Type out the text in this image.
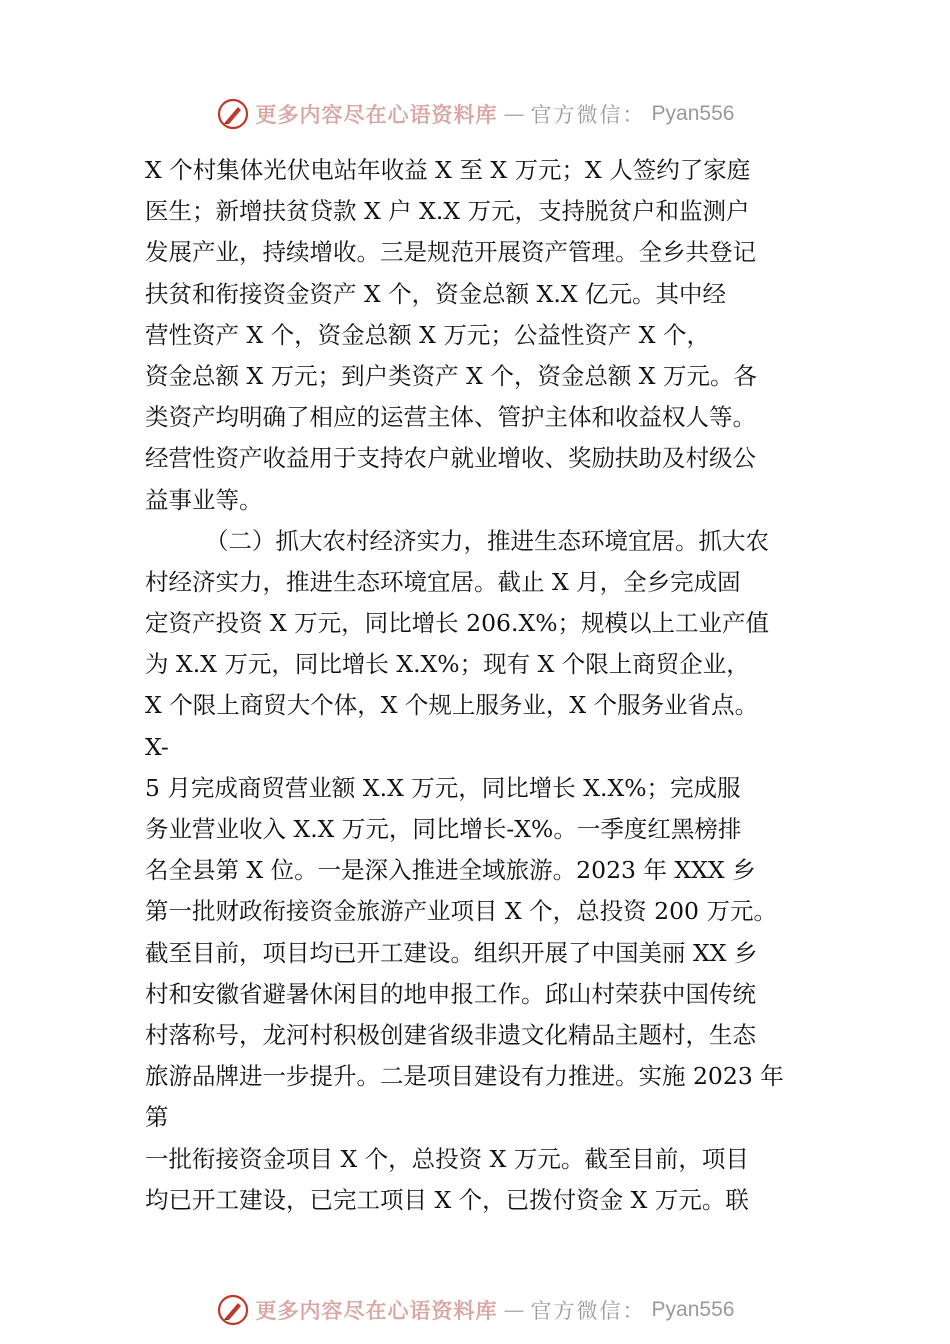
更多内容尽在心语资料库 — 官方微信： Pyan556
X 个村集体光伏电站年收益 X 至 X 万元；X 人签约了家庭
医生；新增扶贫贷款 X 户 X.X 万元，支持脱贫户和监测户
发展产业，持续增收。三是规范开展资产管理。全乡共登记
扶贫和衔接资金资产 X 个，资金总额 X.X 亿元。其中经
营性资产 X 个，资金总额 X 万元；公益性资产 X 个，
资金总额 X 万元；到户类资产 X 个，资金总额 X 万元。各
类资产均明确了相应的运营主体、管护主体和收益权人等。
经营性资产收益用于支持农户就业增收、奖励扶助及村级公
益事业等。
（二）抓大农村经济实力，推进生态环境宜居。抓大农
村经济实力，推进生态环境宜居。截止 X 月，全乡完成固
定资产投资 X 万元，同比增长 206.X%；规模以上工业产值
为 X.X 万元，同比增长 X.X%；现有 X 个限上商贸企业，
X 个限上商贸大个体，X 个规上服务业，X 个服务业省点。
X-
5 月完成商贸营业额 X.X 万元，同比增长 X.X%；完成服
务业营业收入 X.X 万元，同比增长-X%。一季度红黑榜排
名全县第 X 位。一是深入推进全域旅游。2023 年 XXX 乡
第一批财政衔接资金旅游产业项目 X 个，总投资 200 万元。
截至目前，项目均已开工建设。组织开展了中国美丽 XX 乡
村和安徽省避暑休闲目的地申报工作。邱山村荣获中国传统
村落称号，龙河村积极创建省级非遗文化精品主题村，生态
旅游品牌进一步提升。二是项目建设有力推进。实施 2023 年
第
一批衔接资金项目 X 个，总投资 X 万元。截至目前，项目
均已开工建设，已完工项目 X 个，已拨付资金 X 万元。联
更多内容尽在心语资料库 — 官方微信： Pyan556
